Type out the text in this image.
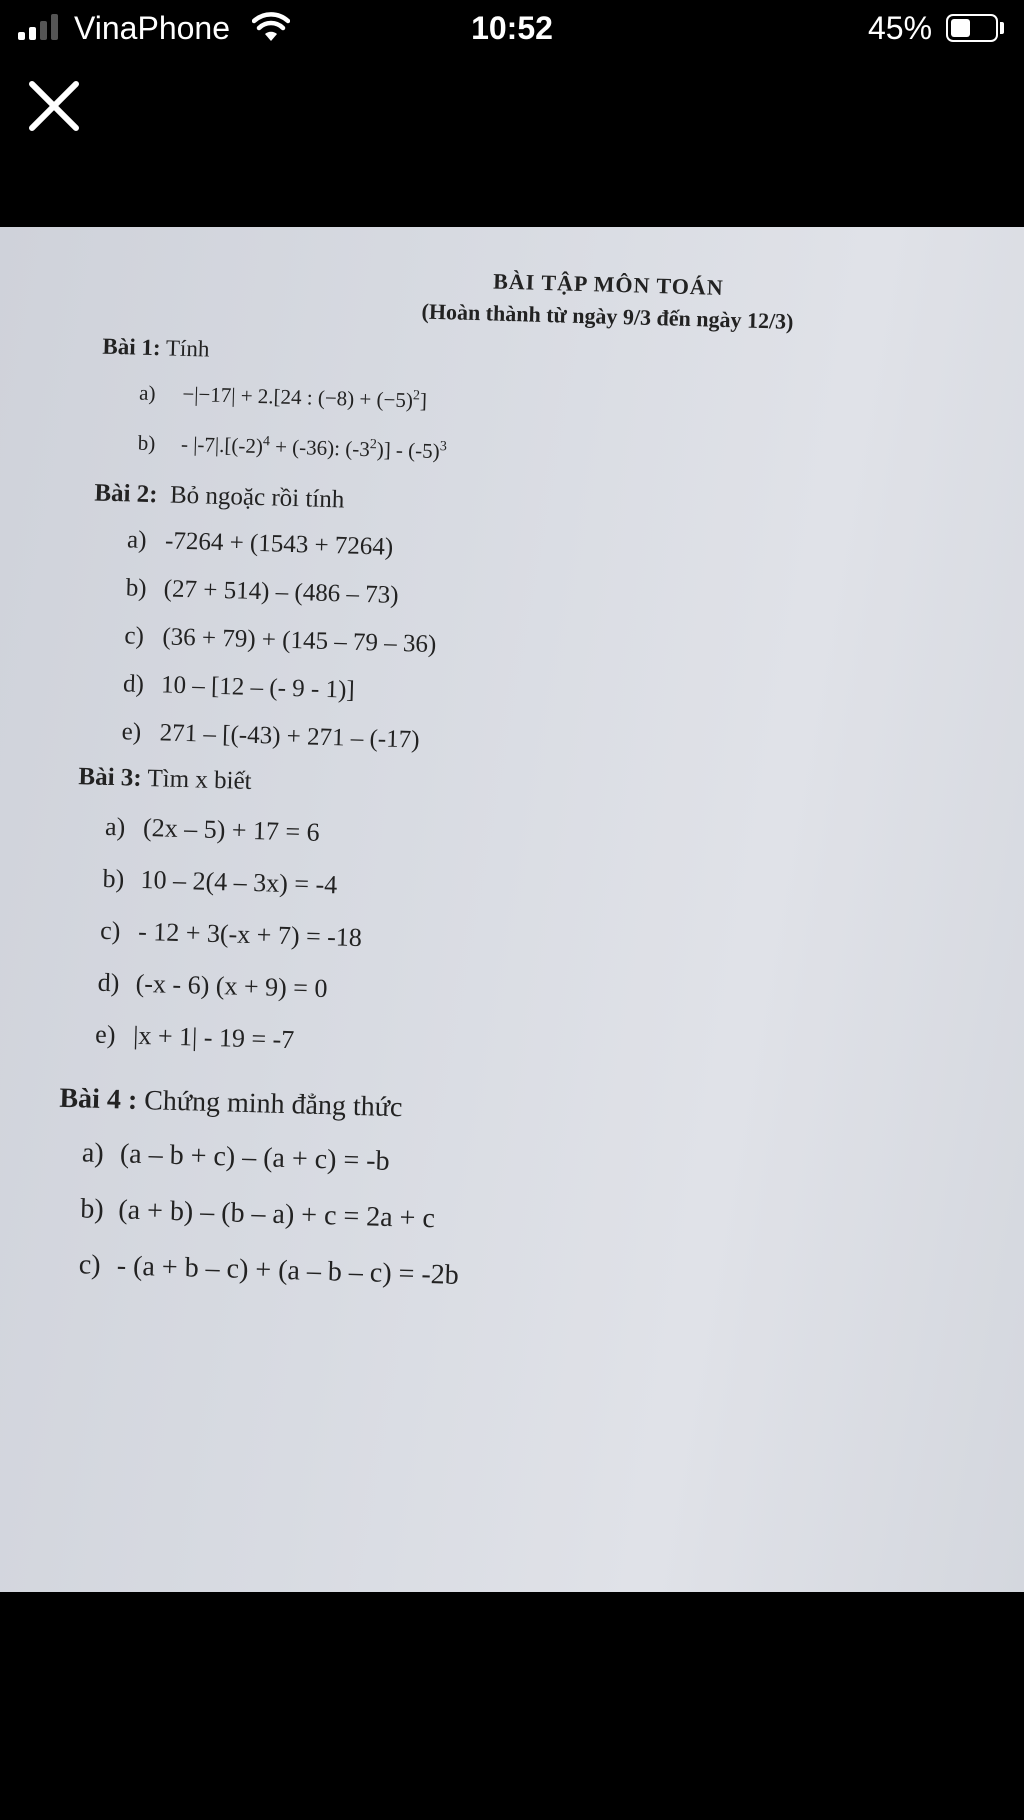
VinaPhone	10:52	45%
BÀI TẬP MÔN TOÁN
(Hoàn thành từ ngày 9/3 đến ngày 12/3)
Bài 1: Tính
a) −|−17| + 2.[24 : $(-8) + (-5)^2$]
$b) - |-7|.[(-2)^4 + (-36)$: $(-3^2)] - (-5)^3$
Bài 2: Bỏ ngoặc rồi tính
a) -7264 + (1543 + 7264)
b) (27 + 514) – (486 – 73)
c) (36 + 79) + (145 – 79 – 36)
d) 10 – [12 – (- 9 - 1)]
e) 271 – [(-43) + 271 – (-17)
Bài 3: Tìm x biết
a) (2x – 5) + 17 = 6
b) 10 – 2(4 – 3x) = -4
c) - 12 + 3(-x + 7) = -18
d) (-x - 6) (x + 9) = 0
e) |x + 1| - 19 = -7
Bài 4 : Chứng minh đẳng thức
a) (a – b + c) – (a + c) = -b
b) (a + b) – (b – a) + c = 2a + c
c) - (a + b – c) + (a – b – c) = -2b
